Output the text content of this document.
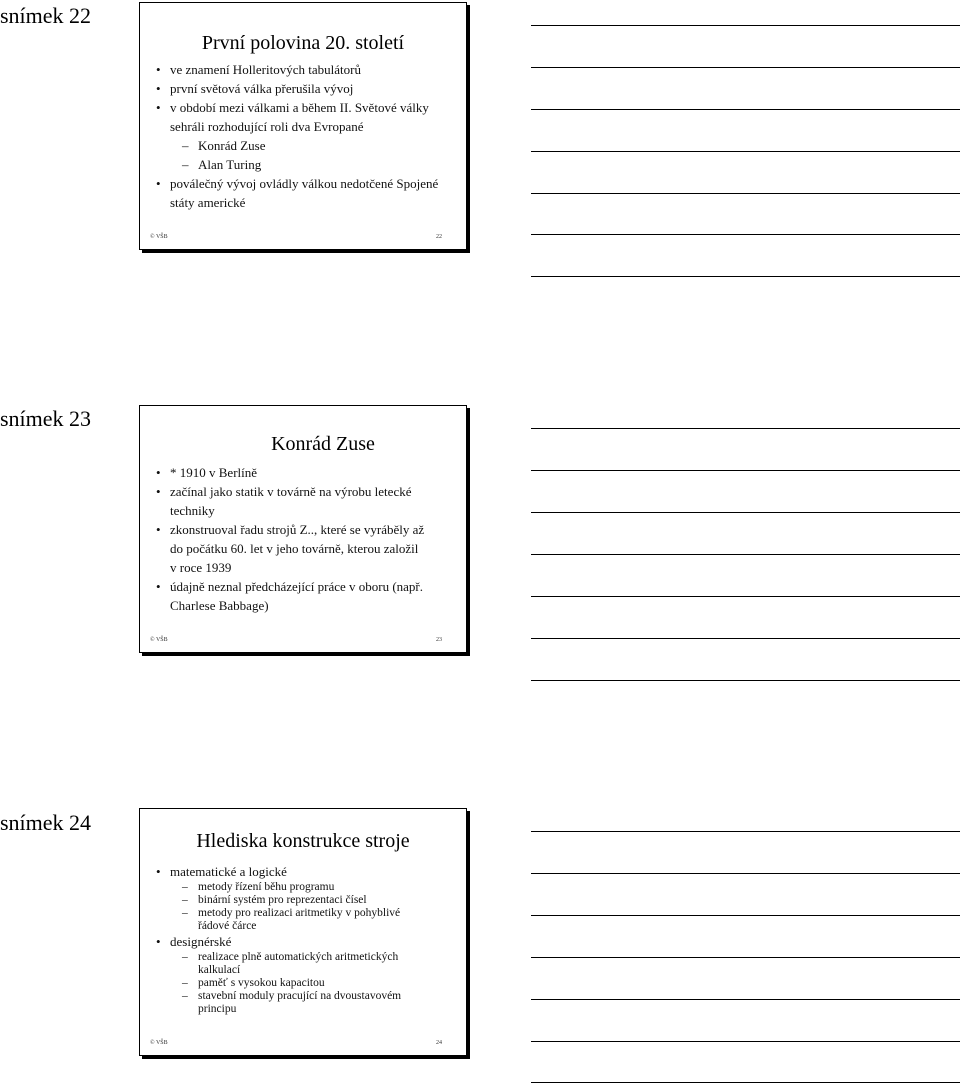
snímek 22
První polovina 20. století
• ve znamení Holleritových tabulátorů
• první světová válka přerušila vývoj
• v období mezi válkami a během II. Světové války sehráli rozhodující roli dva Evropané
– Konrád Zuse
– Alan Turing
• poválečný vývoj ovládly válkou nedotčené Spojené státy americké
© VŠB	22
snímek 23
Konrád Zuse
• * 1910 v Berlíně
• začínal jako statik v továrně na výrobu letecké techniky
• zkonstruoval řadu strojů Z.., které se vyráběly až do počátku 60. let v jeho továrně, kterou založil v roce 1939
• údajně neznal předcházející práce v oboru (např. Charlese Babbage)
© VŠB	23
snímek 24
Hlediska konstrukce stroje
• matematické a logické
– metody řízení běhu programu
– binární systém pro reprezentaci čísel
– metody pro realizaci aritmetiky v pohyblivé řádové čárce
• designérské
– realizace plně automatických aritmetických kalkulací
– paměť s vysokou kapacitou
– stavební moduly pracující na dvoustavovém principu
© VŠB	24
